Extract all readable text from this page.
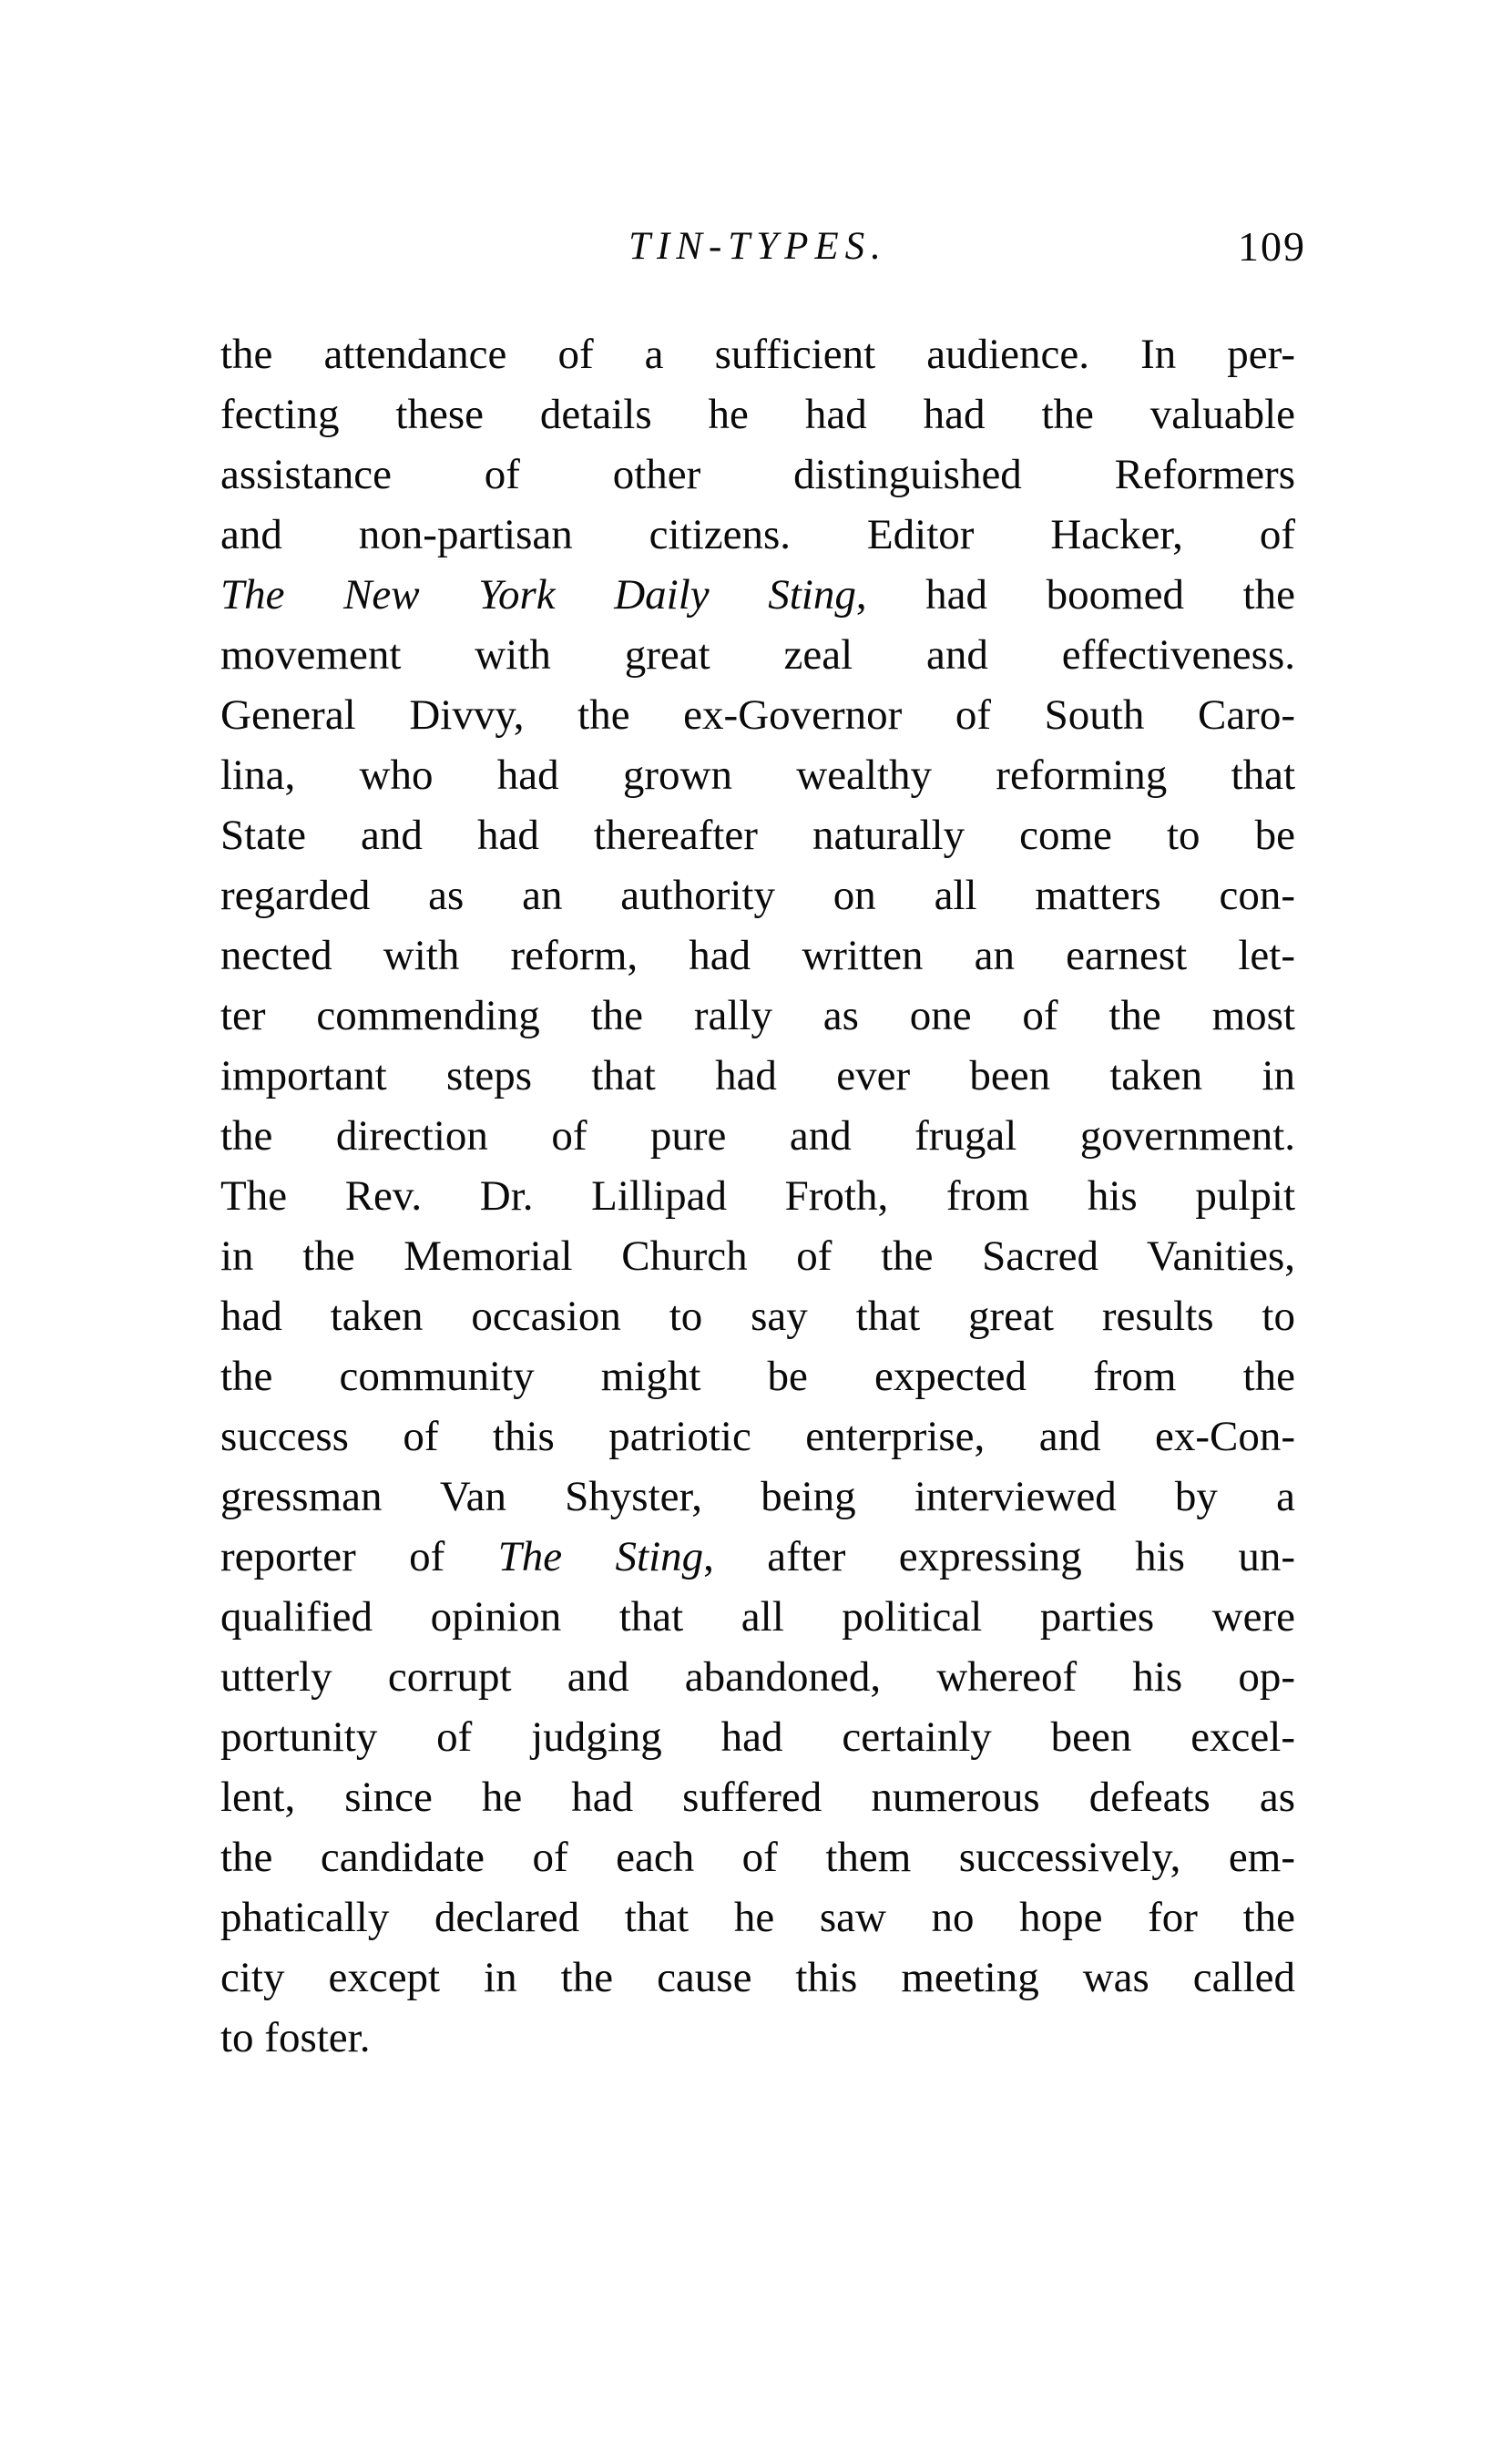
TIN-TYPES.	109
the attendance of a sufficient audience. In per-
fecting these details he had had the valuable
assistance of other distinguished Reformers
and non-partisan citizens. Editor Hacker, of
The New York Daily Sting, had boomed the
movement with great zeal and effectiveness.
General Divvy, the ex-Governor of South Caro-
lina, who had grown wealthy reforming that
State and had thereafter naturally come to be
regarded as an authority on all matters con-
nected with reform, had written an earnest let-
ter commending the rally as one of the most
important steps that had ever been taken in
the direction of pure and frugal government.
The Rev. Dr. Lillipad Froth, from his pulpit
in the Memorial Church of the Sacred Vanities,
had taken occasion to say that great results to
the community might be expected from the
success of this patriotic enterprise, and ex-Con-
gressman Van Shyster, being interviewed by a
reporter of The Sting, after expressing his un-
qualified opinion that all political parties were
utterly corrupt and abandoned, whereof his op-
portunity of judging had certainly been excel-
lent, since he had suffered numerous defeats as
the candidate of each of them successively, em-
phatically declared that he saw no hope for the
city except in the cause this meeting was called
to foster.
